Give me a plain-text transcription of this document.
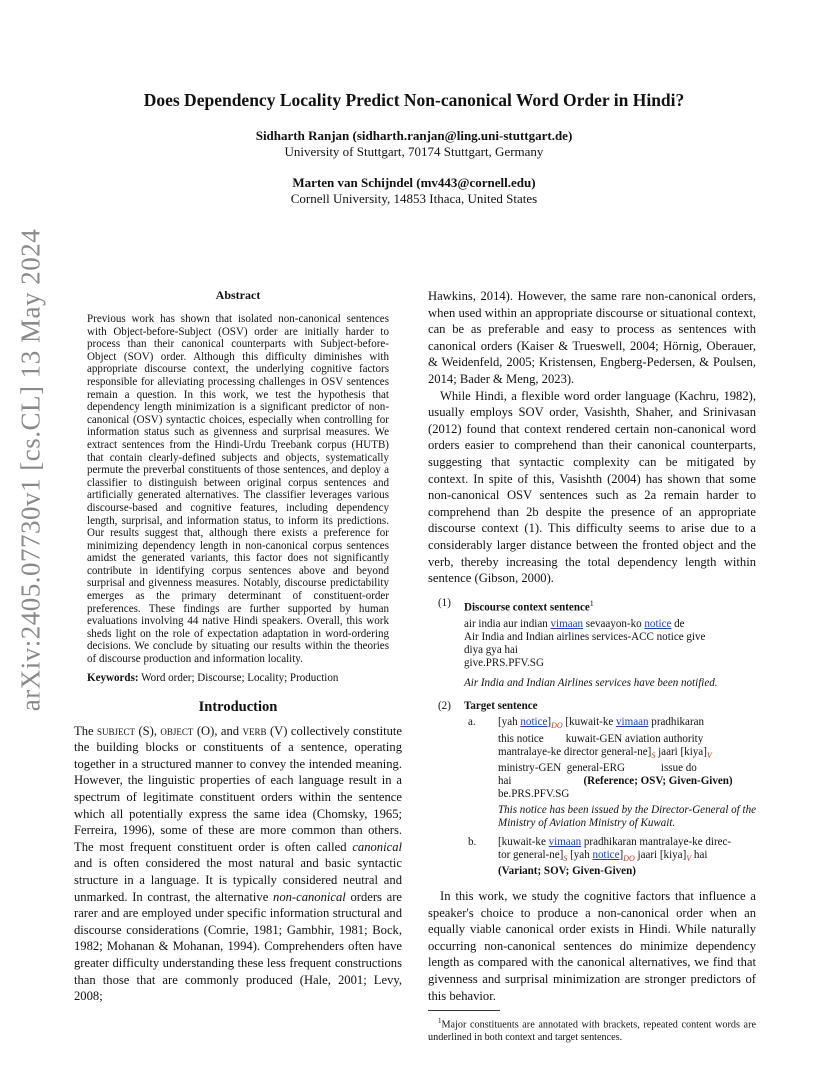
arXiv:2405.07730v1 [cs.CL] 13 May 2024
Does Dependency Locality Predict Non-canonical Word Order in Hindi?
Sidharth Ranjan (sidharth.ranjan@ling.uni-stuttgart.de)
University of Stuttgart, 70174 Stuttgart, Germany
Marten van Schijndel (mv443@cornell.edu)
Cornell University, 14853 Ithaca, United States
Abstract
Previous work has shown that isolated non-canonical sentences with Object-before-Subject (OSV) order are initially harder to process than their canonical counterparts with Subject-before-Object (SOV) order. Although this difficulty diminishes with appropriate discourse context, the underlying cognitive factors responsible for alleviating processing challenges in OSV sentences remain a question. In this work, we test the hypothesis that dependency length minimization is a significant predictor of non-canonical (OSV) syntactic choices, especially when controlling for information status such as givenness and surprisal measures. We extract sentences from the Hindi-Urdu Treebank corpus (HUTB) that contain clearly-defined subjects and objects, systematically permute the preverbal constituents of those sentences, and deploy a classifier to distinguish between original corpus sentences and artificially generated alternatives. The classifier leverages various discourse-based and cognitive features, including dependency length, surprisal, and information status, to inform its predictions. Our results suggest that, although there exists a preference for minimizing dependency length in non-canonical corpus sentences amidst the generated variants, this factor does not significantly contribute in identifying corpus sentences above and beyond surprisal and givenness measures. Notably, discourse predictability emerges as the primary determinant of constituent-order preferences. These findings are further supported by human evaluations involving 44 native Hindi speakers. Overall, this work sheds light on the role of expectation adaptation in word-ordering decisions. We conclude by situating our results within the theories of discourse production and information locality.
Keywords: Word order; Discourse; Locality; Production
Introduction

The subject (S), object (O), and verb (V) collectively constitute the building blocks or constituents of a sentence, operating together in a structured manner to convey the intended meaning. However, the linguistic properties of each language result in a spectrum of legitimate constituent orders within the sentence which all potentially express the same idea (Chomsky, 1965; Ferreira, 1996), some of these are more common than others. The most frequent constituent order is often called canonical and is often considered the most natural and basic syntactic structure in a language. It is typically considered neutral and unmarked. In contrast, the alternative non-canonical orders are rarer and are employed under specific information structural and discourse considerations (Comrie, 1981; Gambhir, 1981; Bock, 1982; Mohanan & Mohanan, 1994). Comprehenders often have greater difficulty understanding these less frequent constructions than those that are commonly produced (Hale, 2001; Levy, 2008;

Hawkins, 2014). However, the same rare non-canonical orders, when used within an appropriate discourse or situational context, can be as preferable and easy to process as sentences with canonical orders (Kaiser & Trueswell, 2004; Hörnig, Oberauer, & Weidenfeld, 2005; Kristensen, Engberg-Pedersen, & Poulsen, 2014; Bader & Meng, 2023).

While Hindi, a flexible word order language (Kachru, 1982), usually employs SOV order, Vasishth, Shaher, and Srinivasan (2012) found that context rendered certain non-canonical word orders easier to comprehend than their canonical counterparts, suggesting that syntactic complexity can be mitigated by context. In spite of this, Vasishth (2004) has shown that some non-canonical OSV sentences such as 2a remain harder to comprehend than 2b despite the presence of an appropriate discourse context (1). This difficulty seems to arise due to a considerably larger distance between the fronted object and the verb, thereby increasing the total dependency length within sentence (Gibson, 2000).

(1) Discourse context sentence$^1$
air india aur indian vimaan sevaayon-ko notice de
Air India and Indian airlines services-ACC notice give
diya gya hai
give.PRS.PFV.SG
Air India and Indian Airlines services have been notified.
(2) Target sentence
a. [yah $notice]_{DO}$ [kuwait-ke vimaan pradhikaran
this notice        kuwait-GEN aviation authority
mantralaye-ke director general-$ne]_S$ jaari $[kiya]_V$
ministry-GEN  general-ERG             issue do
hai	(Reference; OSV; Given-Given)
be.PRS.PFV.SG
This notice has been issued by the Director-General of the Ministry of Aviation Ministry of Kuwait.
b. [kuwait-ke vimaan pradhikaran mantralaye-ke direc-
tor general-$ne]_S$ [yah $notice]_{DO}$ jaari $[kiya]_V$ hai
(Variant; SOV; Given-Given)

In this work, we study the cognitive factors that influence a speaker's choice to produce a non-canonical order when an equally viable canonical order exists in Hindi. While naturally occurring non-canonical sentences do minimize dependency length as compared with the canonical alternatives, we find that givenness and surprisal minimization are stronger predictors of this behavior.

$^1$Major constituents are annotated with brackets, repeated content words are underlined in both context and target sentences.
